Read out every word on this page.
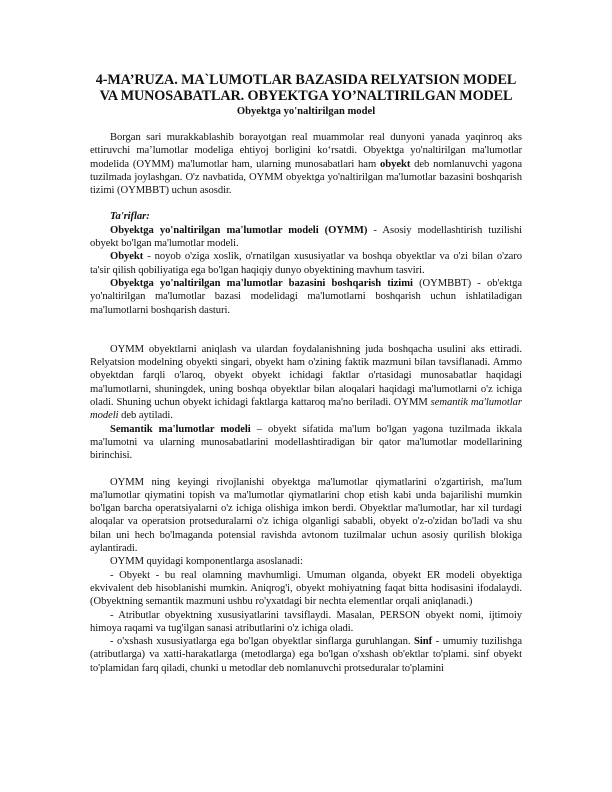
4-MA’RUZA. MA`LUMOTLAR BAZASIDA RELYATSION MODEL VA MUNOSABATLAR. OBYEKTGA YO’NALTIRILGAN MODEL
Obyektga yo'naltirilgan model

Borgan sari murakkablashib borayotgan real muammolar real dunyoni yanada yaqinroq aks ettiruvchi ma’lumotlar modeliga ehtiyoj borligini ko‘rsatdi. Obyektga yo'naltirilgan ma'lumotlar modelida (OYMM) ma'lumotlar ham, ularning munosabatlari ham obyekt deb nomlanuvchi yagona tuzilmada joylashgan. O'z navbatida, OYMM obyektga yo'naltirilgan ma'lumotlar bazasini boshqarish tizimi (OYMBBT) uchun asosdir.

Ta'riflar:

Obyektga yo'naltirilgan ma'lumotlar modeli (OYMM) - Asosiy modellashtirish tuzilishi obyekt bo'lgan ma'lumotlar modeli.

Obyekt - noyob o'ziga xoslik, o'rnatilgan xususiyatlar va boshqa obyektlar va o'zi bilan o'zaro ta'sir qilish qobiliyatiga ega bo'lgan haqiqiy dunyo obyektining mavhum tasviri.

Obyektga yo'naltirilgan ma'lumotlar bazasini boshqarish tizimi (OYMBBT) - ob'ektga yo'naltirilgan ma'lumotlar bazasi modelidagi ma'lumotlarni boshqarish uchun ishlatiladigan ma'lumotlarni boshqarish dasturi.

OYMM obyektlarni aniqlash va ulardan foydalanishning juda boshqacha usulini aks ettiradi. Relyatsion modelning obyekti singari, obyekt ham o'zining faktik mazmuni bilan tavsiflanadi. Ammo obyektdan farqli o'laroq, obyekt obyekt ichidagi faktlar o'rtasidagi munosabatlar haqidagi ma'lumotlarni, shuningdek, uning boshqa obyektlar bilan aloqalari haqidagi ma'lumotlarni o'z ichiga oladi. Shuning uchun obyekt ichidagi faktlarga kattaroq ma'no beriladi. OYMM semantik ma'lumotlar modeli deb aytiladi.

Semantik ma'lumotlar modeli – obyekt sifatida ma'lum bo'lgan yagona tuzilmada ikkala ma'lumotni va ularning munosabatlarini modellashtiradigan bir qator ma'lumotlar modellarining birinchisi.

OYMM ning keyingi rivojlanishi obyektga ma'lumotlar qiymatlarini o'zgartirish, ma'lum ma'lumotlar qiymatini topish va ma'lumotlar qiymatlarini chop etish kabi unda bajarilishi mumkin bo'lgan barcha operatsiyalarni o'z ichiga olishiga imkon berdi. Obyektlar ma'lumotlar, har xil turdagi aloqalar va operatsion protseduralarni o'z ichiga olganligi sababli, obyekt o'z-o'zidan bo'ladi va shu bilan uni hech bo'lmaganda potensial ravishda avtonom tuzilmalar uchun asosiy qurilish blokiga aylantiradi.

OYMM quyidagi komponentlarga asoslanadi:

- Obyekt - bu real olamning mavhumligi. Umuman olganda, obyekt ER modeli obyektiga ekvivalent deb hisoblanishi mumkin. Aniqrog'i, obyekt mohiyatning faqat bitta hodisasini ifodalaydi. (Obyektning semantik mazmuni ushbu ro'yxatdagi bir nechta elementlar orqali aniqlanadi.)

- Atributlar obyektning xususiyatlarini tavsiflaydi. Masalan, PERSON obyekt nomi, ijtimoiy himoya raqami va tug'ilgan sanasi atributlarini o'z ichiga oladi.

- o'xshash xususiyatlarga ega bo'lgan obyektlar sinflarga guruhlangan. Sinf - umumiy tuzilishga (atributlarga) va xatti-harakatlarga (metodlarga) ega bo'lgan o'xshash ob'ektlar to'plami. sinf obyekt to'plamidan farq qiladi, chunki u metodlar deb nomlanuvchi protseduralar to'plamini
